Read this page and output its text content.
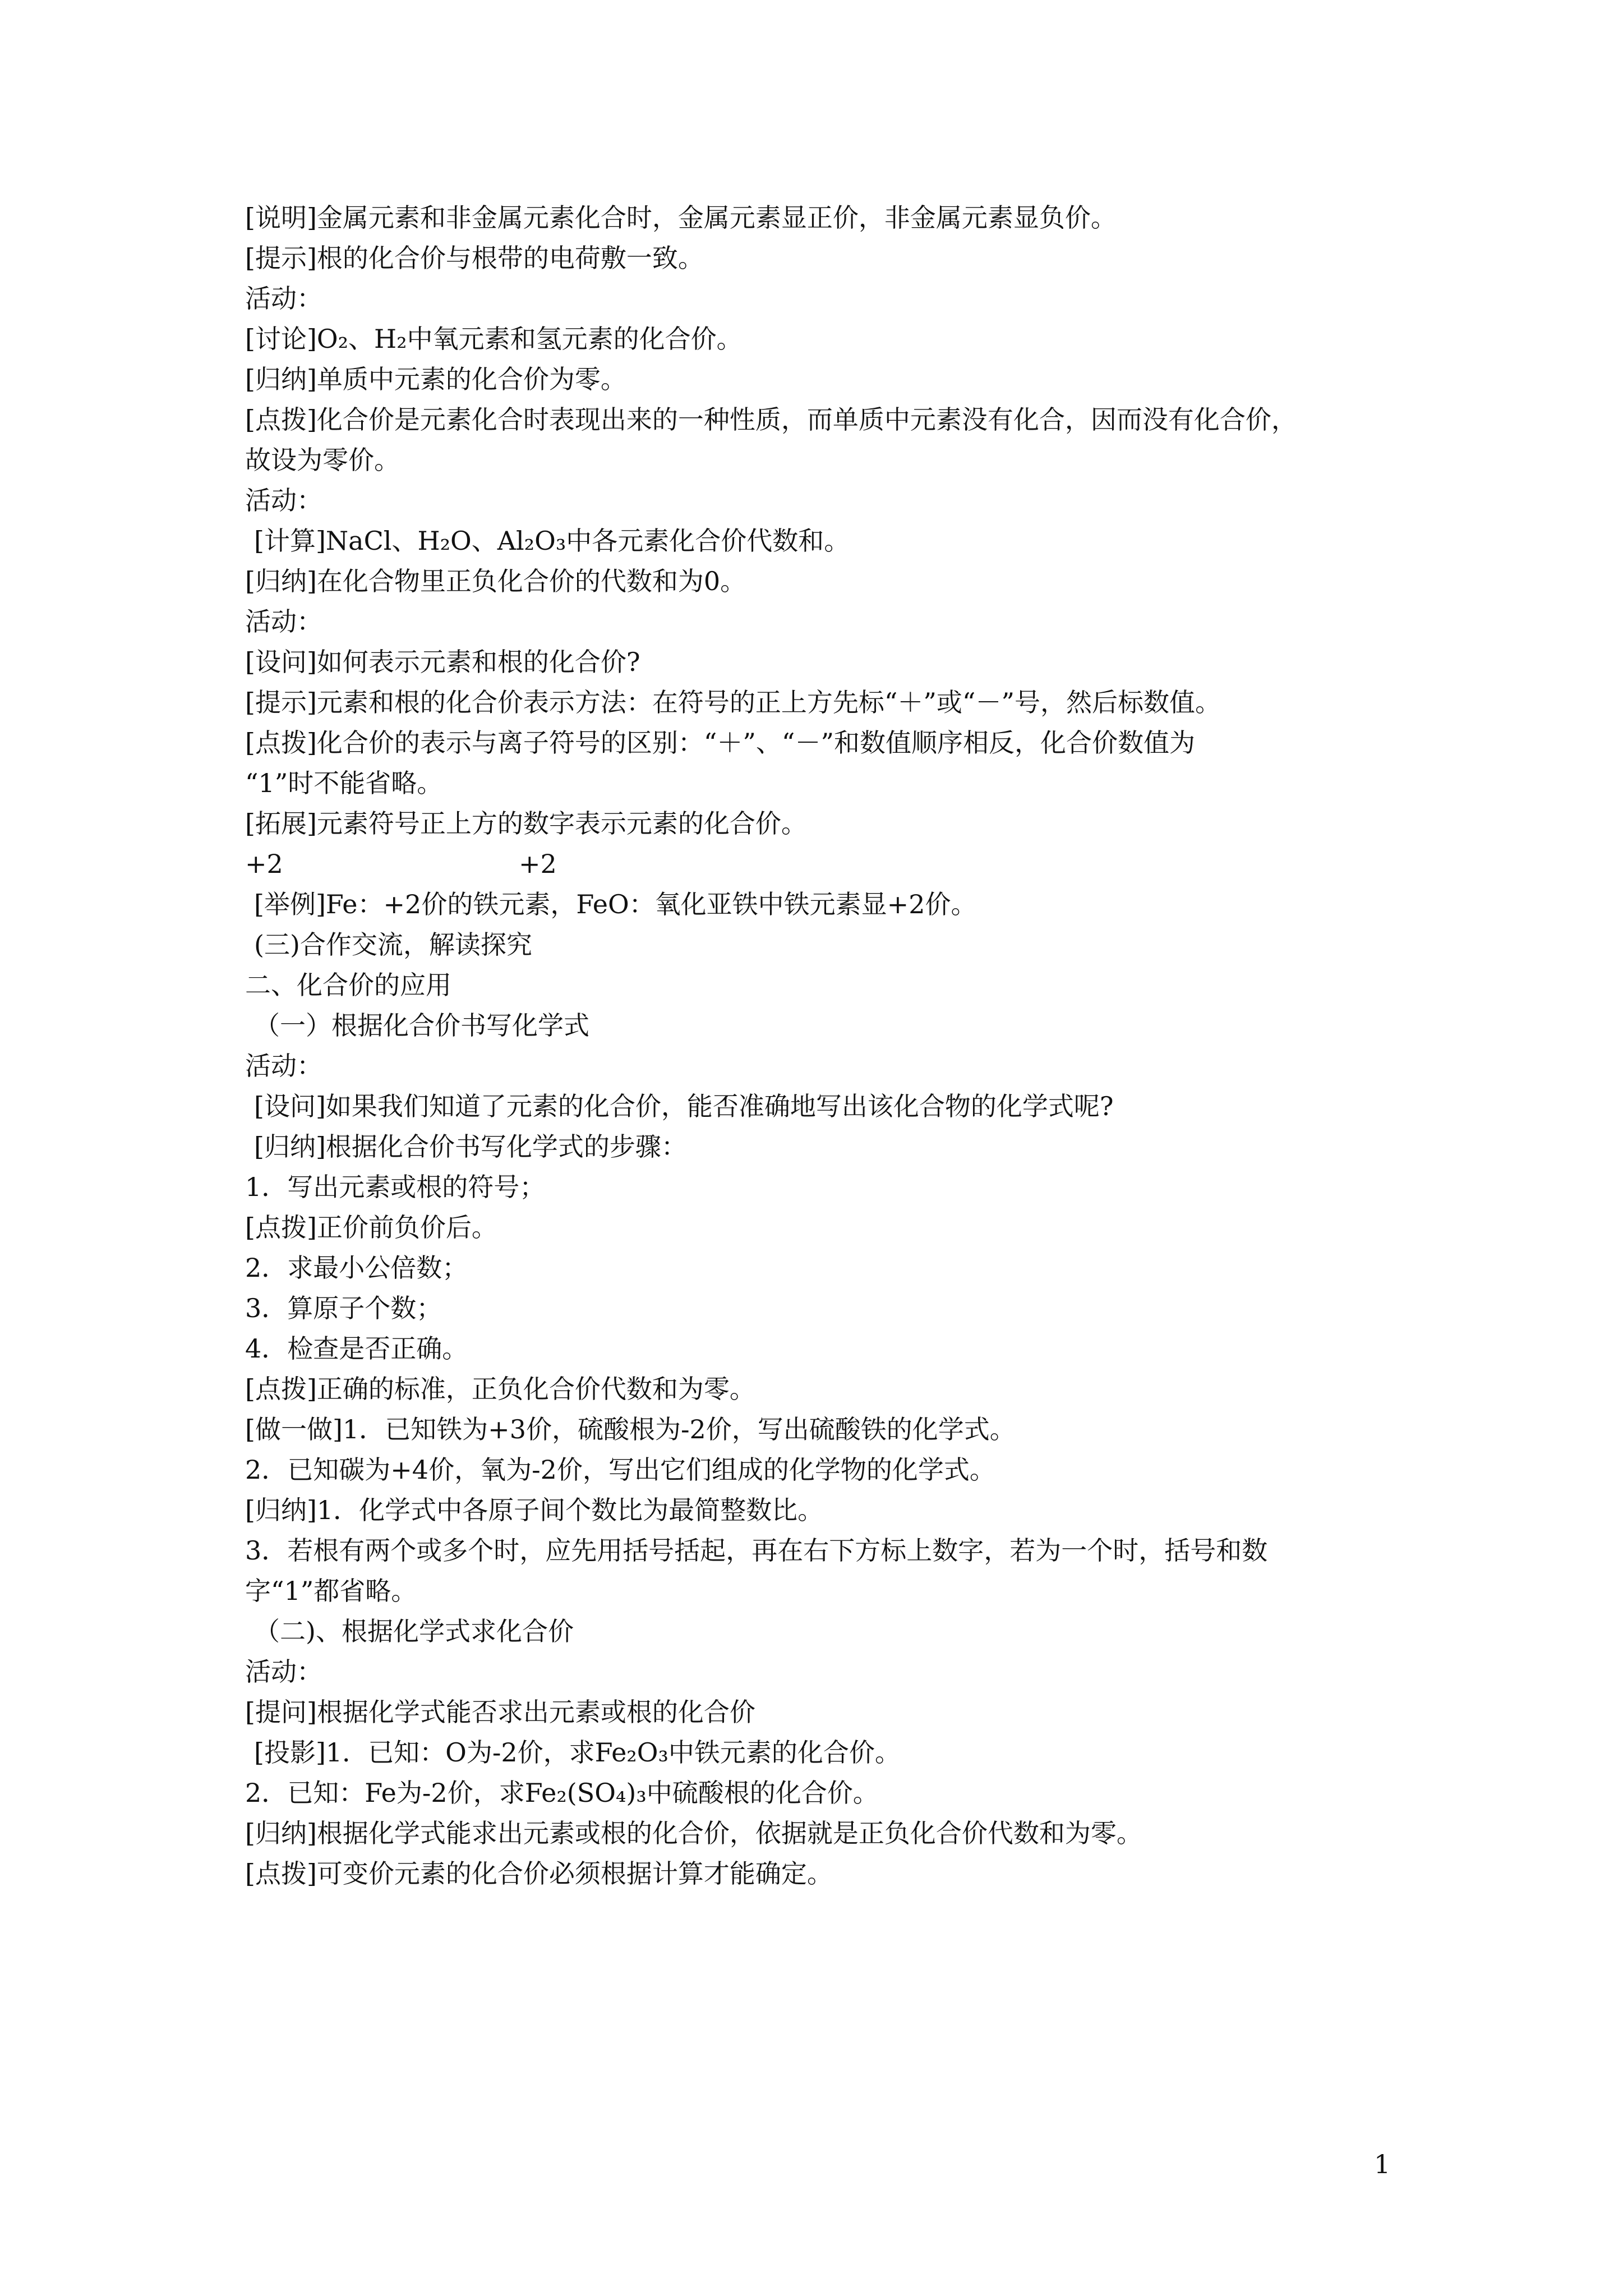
[说明]金属元素和非金属元素化合时，金属元素显正价，非金属元素显负价。
[提示]根的化合价与根带的电荷敷一致。
活动：
[讨论]O₂、H₂中氧元素和氢元素的化合价。
[归纳]单质中元素的化合价为零。
[点拨]化合价是元素化合时表现出来的一种性质，而单质中元素没有化合，因而没有化合价，
故设为零价。
活动：
[计算]NaCl、H₂O、Al₂O₃中各元素化合价代数和。
[归纳]在化合物里正负化合价的代数和为0。
活动：
[设问]如何表示元素和根的化合价?
[提示]元素和根的化合价表示方法：在符号的正上方先标“＋”或“－”号，然后标数值。
[点拨]化合价的表示与离子符号的区别：“＋”、“－”和数值顺序相反，化合价数值为
“1”时不能省略。
[拓展]元素符号正上方的数字表示元素的化合价。
+2	+2
[举例]Fe：+2价的铁元素，FeO：氧化亚铁中铁元素显+2价。
(三)合作交流，解读探究
二、化合价的应用
（一）根据化合价书写化学式
活动：
[设问]如果我们知道了元素的化合价，能否准确地写出该化合物的化学式呢?
[归纳]根据化合价书写化学式的步骤：
1．写出元素或根的符号；
[点拨]正价前负价后。
2．求最小公倍数；
3．算原子个数；
4．检查是否正确。
[点拨]正确的标准，正负化合价代数和为零。
[做一做]1．已知铁为+3价，硫酸根为-2价，写出硫酸铁的化学式。
2．已知碳为+4价，氧为-2价，写出它们组成的化学物的化学式。
[归纳]1．化学式中各原子间个数比为最简整数比。
3．若根有两个或多个时，应先用括号括起，再在右下方标上数字，若为一个时，括号和数
字“1”都省略。
（二)、根据化学式求化合价
活动：
[提问]根据化学式能否求出元素或根的化合价
[投影]1．已知：O为-2价，求Fe₂O₃中铁元素的化合价。
2．已知：Fe为-2价，求Fe₂(SO₄)₃中硫酸根的化合价。
[归纳]根据化学式能求出元素或根的化合价，依据就是正负化合价代数和为零。
[点拨]可变价元素的化合价必须根据计算才能确定。
1
